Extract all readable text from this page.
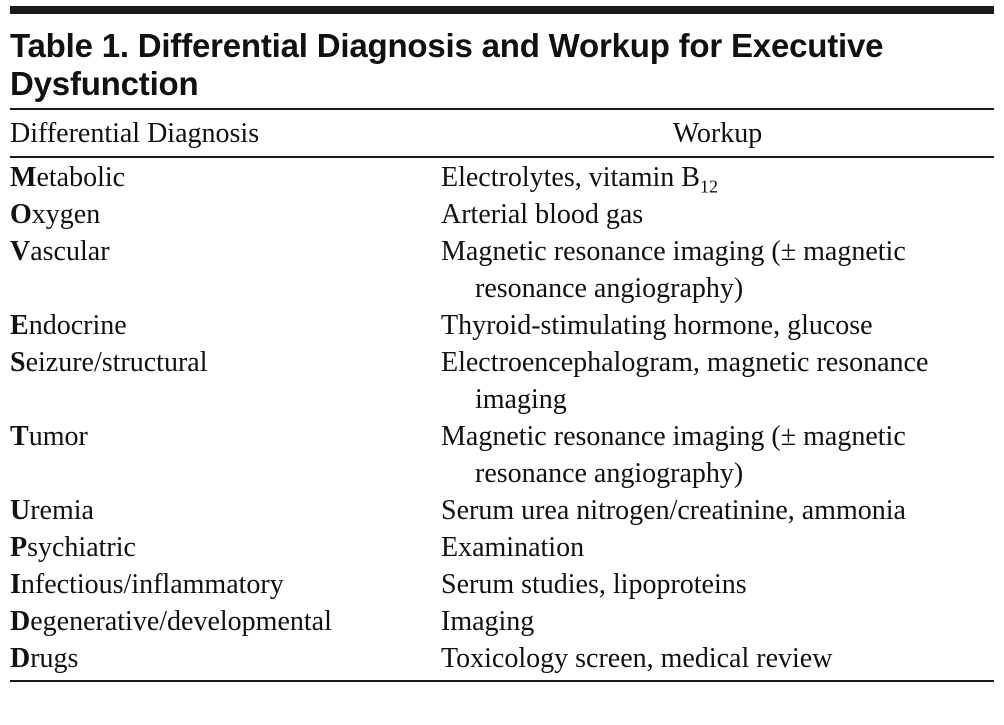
Table 1. Differential Diagnosis and Workup for Executive Dysfunction
Differential Diagnosis	Workup
Metabolic	Electrolytes, vitamin $B_{12}$
Oxygen	Arterial blood gas
Vascular	Magnetic resonance imaging (± magnetic resonance angiography)
Endocrine	Thyroid-stimulating hormone, glucose
Seizure/structural	Electroencephalogram, magnetic resonance imaging
Tumor	Magnetic resonance imaging (± magnetic resonance angiography)
Uremia	Serum urea nitrogen/creatinine, ammonia
Psychiatric	Examination
Infectious/inflammatory	Serum studies, lipoproteins
Degenerative/developmental	Imaging
Drugs	Toxicology screen, medical review
